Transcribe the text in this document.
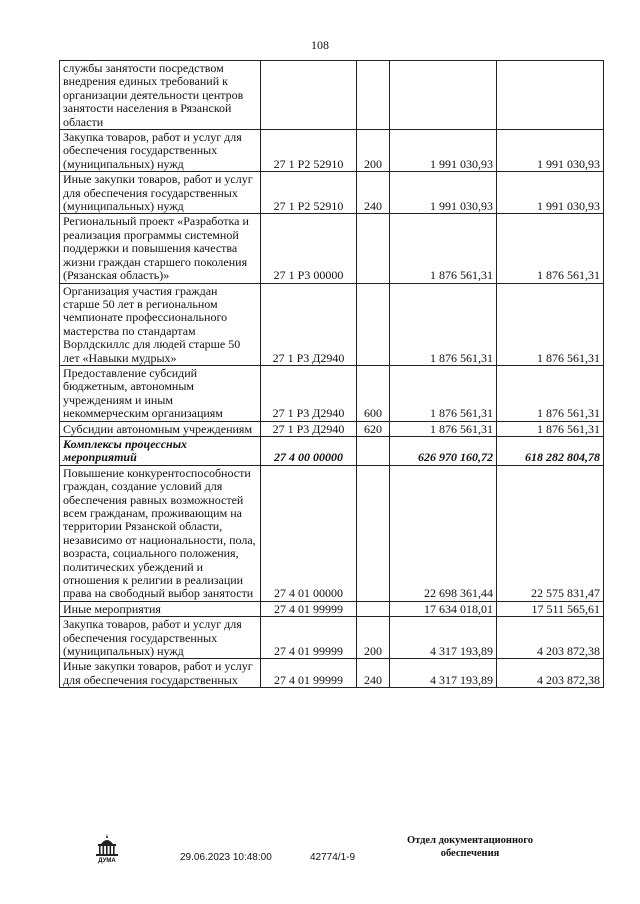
108
службы занятости посредством внедрения единых требований к организации деятельности центров занятости населения в Рязанской области				
Закупка товаров, работ и услуг для обеспечения государственных (муниципальных) нужд	27 1 P2 52910	200	1 991 030,93	1 991 030,93
Иные закупки товаров, работ и услуг для обеспечения государственных (муниципальных) нужд	27 1 P2 52910	240	1 991 030,93	1 991 030,93
Региональный проект «Разработка и реализация программы системной поддержки и повышения качества жизни граждан старшего поколения (Рязанская область)»	27 1 P3 00000		1 876 561,31	1 876 561,31
Организация участия граждан старше 50 лет в региональном чемпионате профессионального мастерства по стандартам Ворлдскиллс для людей старше 50 лет «Навыки мудрых»	27 1 P3 Д2940		1 876 561,31	1 876 561,31
Предоставление субсидий бюджетным, автономным учреждениям и иным некоммерческим организациям	27 1 P3 Д2940	600	1 876 561,31	1 876 561,31
Субсидии автономным учреждениям	27 1 P3 Д2940	620	1 876 561,31	1 876 561,31
Комплексы процессных мероприятий	27 4 00 00000		626 970 160,72	618 282 804,78
Повышение конкурентоспособности граждан, создание условий для обеспечения равных возможностей всем гражданам, проживающим на территории Рязанской области, независимо от национальности, пола, возраста, социального положения, политических убеждений и отношения к религии в реализации права на свободный выбор занятости	27 4 01 00000		22 698 361,44	22 575 831,47
Иные мероприятия	27 4 01 99999		17 634 018,01	17 511 565,61
Закупка товаров, работ и услуг для обеспечения государственных (муниципальных) нужд	27 4 01 99999	200	4 317 193,89	4 203 872,38
Иные закупки товаров, работ и услуг для обеспечения государственных	27 4 01 99999	240	4 317 193,89	4 203 872,38
ДУМА	29.06.2023 10:48:00	42774/1-9
Отдел документационного
обеспечения
